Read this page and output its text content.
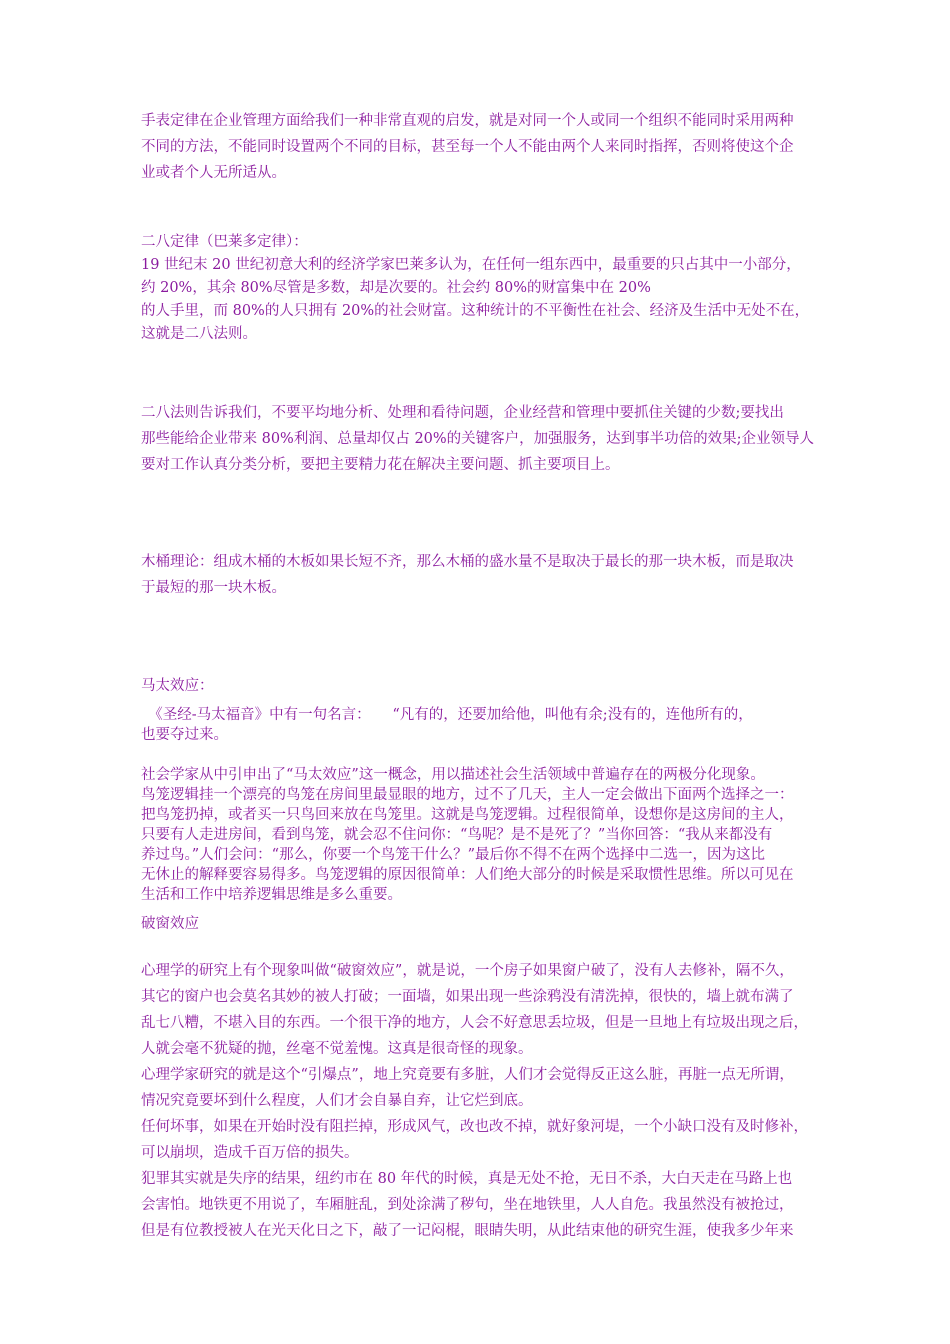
手表定律在企业管理方面给我们一种非常直观的启发，就是对同一个人或同一个组织不能同时采用两种
不同的方法，不能同时设置两个不同的目标，甚至每一个人不能由两个人来同时指挥，否则将使这个企
业或者个人无所适从。
二八定律（巴莱多定律）：
19 世纪末 20 世纪初意大利的经济学家巴莱多认为，在任何一组东西中，最重要的只占其中一小部分，
约 20%，其余 80%尽管是多数，却是次要的。社会约 80%的财富集中在 20%
的人手里，而 80%的人只拥有 20%的社会财富。这种统计的不平衡性在社会、经济及生活中无处不在，
这就是二八法则。
二八法则告诉我们，不要平均地分析、处理和看待问题，企业经营和管理中要抓住关键的少数;要找出
那些能给企业带来 80%利润、总量却仅占 20%的关键客户，加强服务，达到事半功倍的效果;企业领导人
要对工作认真分类分析，要把主要精力花在解决主要问题、抓主要项目上。
木桶理论：组成木桶的木板如果长短不齐，那么木桶的盛水量不是取决于最长的那一块木板，而是取决
于最短的那一块木板。
马太效应：
　《圣经-马太福音》中有一句名言：　　“凡有的，还要加给他，叫他有余;没有的，连他所有的，
也要夺过来。
社会学家从中引申出了“马太效应”这一概念，用以描述社会生活领域中普遍存在的两极分化现象。
鸟笼逻辑挂一个漂亮的鸟笼在房间里最显眼的地方，过不了几天，主人一定会做出下面两个选择之一：
把鸟笼扔掉，或者买一只鸟回来放在鸟笼里。这就是鸟笼逻辑。过程很简单，设想你是这房间的主人，
只要有人走进房间，看到鸟笼，就会忍不住问你：“鸟呢？是不是死了？”当你回答：“我从来都没有
养过鸟。”人们会问：“那么，你要一个鸟笼干什么？”最后你不得不在两个选择中二选一，因为这比
无休止的解释要容易得多。鸟笼逻辑的原因很简单：人们绝大部分的时候是采取惯性思维。所以可见在
生活和工作中培养逻辑思维是多么重要。
破窗效应
心理学的研究上有个现象叫做“破窗效应”，就是说，一个房子如果窗户破了，没有人去修补，隔不久，
其它的窗户也会莫名其妙的被人打破；一面墙，如果出现一些涂鸦没有清洗掉，很快的，墙上就布满了
乱七八糟，不堪入目的东西。一个很干净的地方，人会不好意思丢垃圾，但是一旦地上有垃圾出现之后，
人就会毫不犹疑的抛，丝毫不觉羞愧。这真是很奇怪的现象。
心理学家研究的就是这个“引爆点”，地上究竟要有多脏，人们才会觉得反正这么脏，再脏一点无所谓，
情况究竟要坏到什么程度，人们才会自暴自弃，让它烂到底。
任何坏事，如果在开始时没有阻拦掉，形成风气，改也改不掉，就好象河堤，一个小缺口没有及时修补，
可以崩坝，造成千百万倍的损失。
犯罪其实就是失序的结果，纽约市在 80 年代的时候，真是无处不抢，无日不杀，大白天走在马路上也
会害怕。地铁更不用说了，车厢脏乱，到处涂满了秽句，坐在地铁里，人人自危。我虽然没有被抢过，
但是有位教授被人在光天化日之下，敲了一记闷棍，眼睛失明，从此结束他的研究生涯，使我多少年来
